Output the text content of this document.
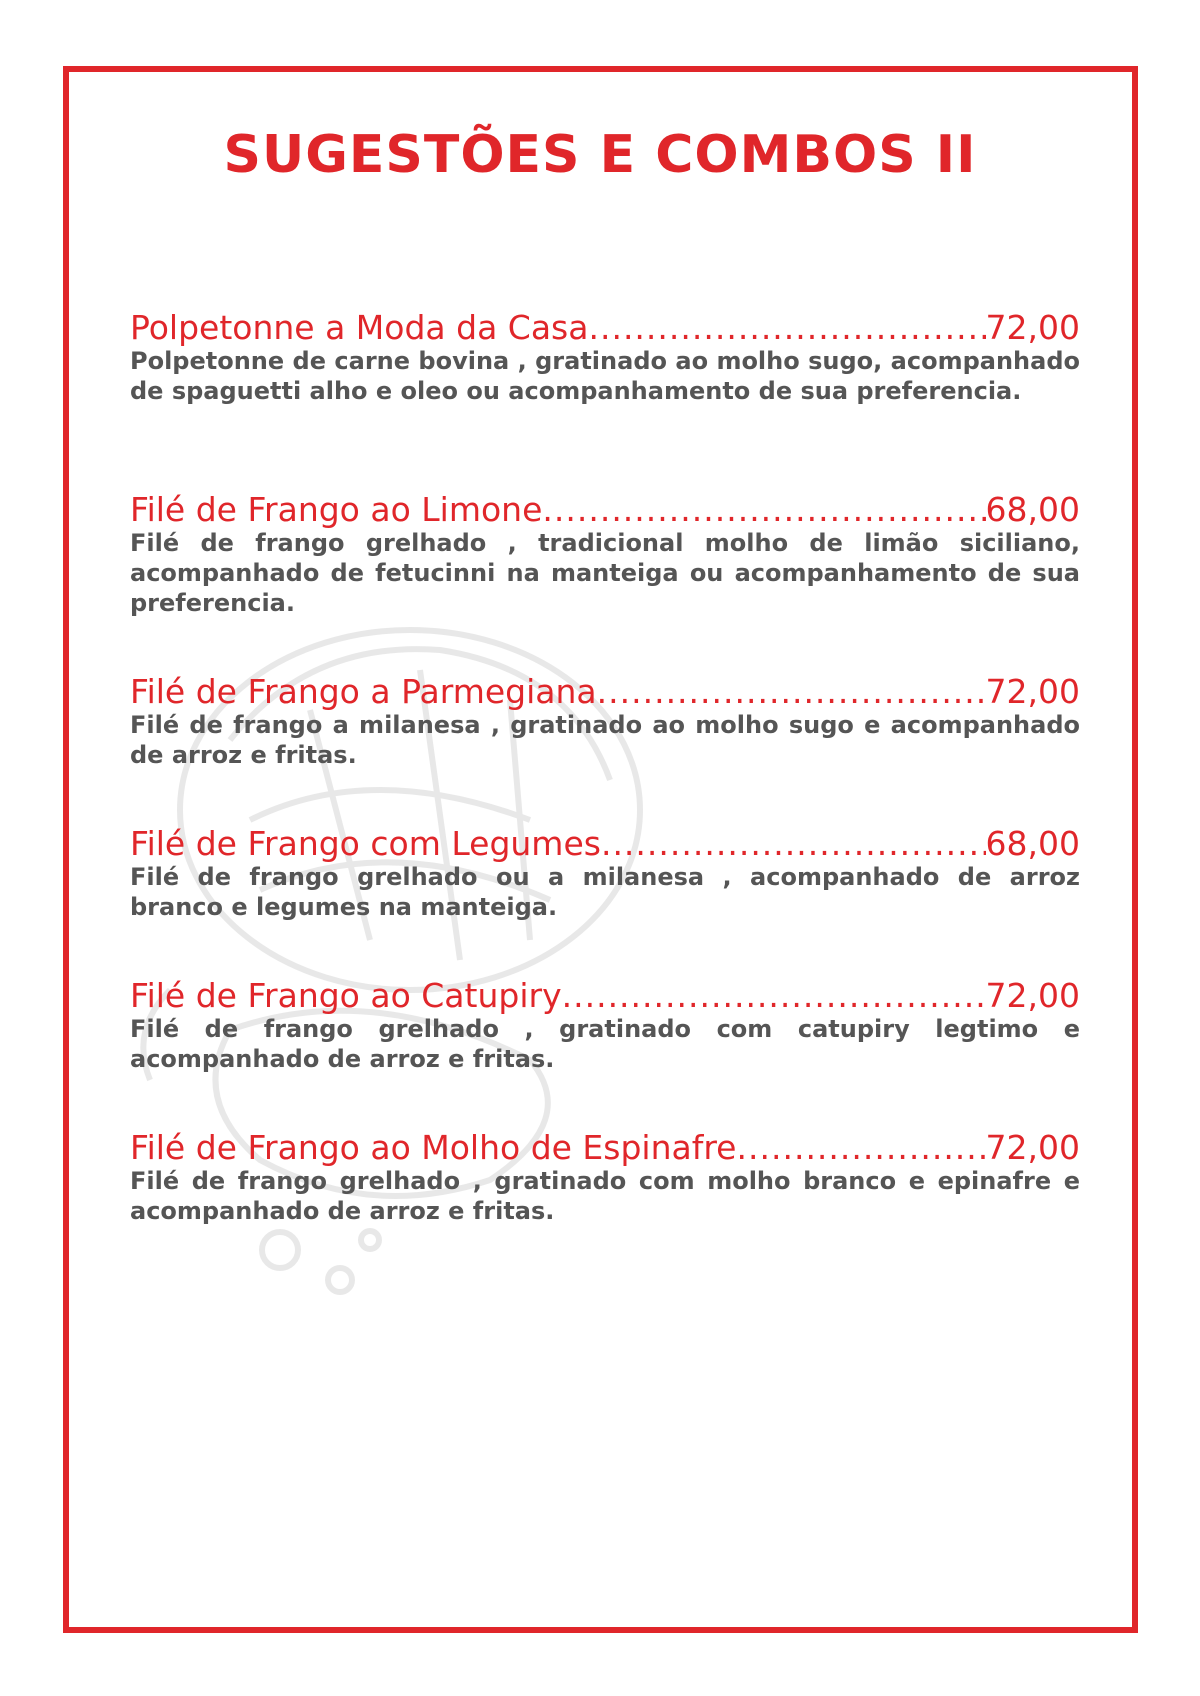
SUGESTÕES E COMBOS II
Polpetonne a Moda da Casa .....	72,00

Polpetonne de carne bovina , gratinado ao molho sugo, acompanhado de spaguetti alho e oleo ou acompanhamento de sua preferencia.

Filé de Frango ao Limone .....	68,00

Filé de frango grelhado , tradicional molho de limão siciliano, acompanhado de fetucinni na manteiga ou acompanhamento de sua preferencia.

Filé de Frango a Parmegiana .....	72,00

Filé de frango a milanesa , gratinado ao molho sugo e acompanhado de arroz e fritas.

Filé de Frango com Legumes .....	68,00

Filé de frango grelhado ou a milanesa , acompanhado de arroz branco e legumes na manteiga.

Filé de Frango ao Catupiry .....	72,00

Filé de frango grelhado , gratinado com catupiry legtimo e acompanhado de arroz e fritas.

Filé de Frango ao Molho de Espinafre .....	72,00

Filé de frango grelhado , gratinado com molho branco e epinafre e acompanhado de arroz e fritas.
